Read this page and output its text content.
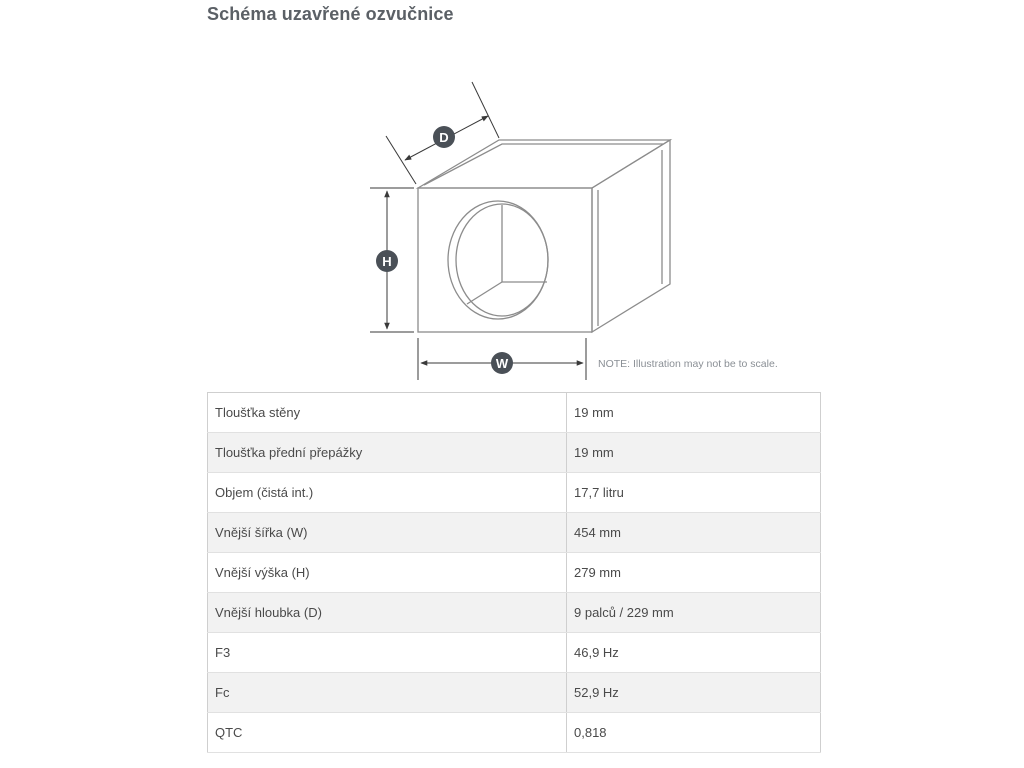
Schéma uzavřené ozvučnice
D
H
W	NOTE: Illustration may not be to scale.
Tloušťka stěny	19 mm
Tloušťka přední přepážky	19 mm
Objem (čistá int.)	17,7 litru
Vnější šířka (W)	454 mm
Vnější výška (H)	279 mm
Vnější hloubka (D)	9 palců / 229 mm
F3	46,9 Hz
Fc	52,9 Hz
QTC	0,818
